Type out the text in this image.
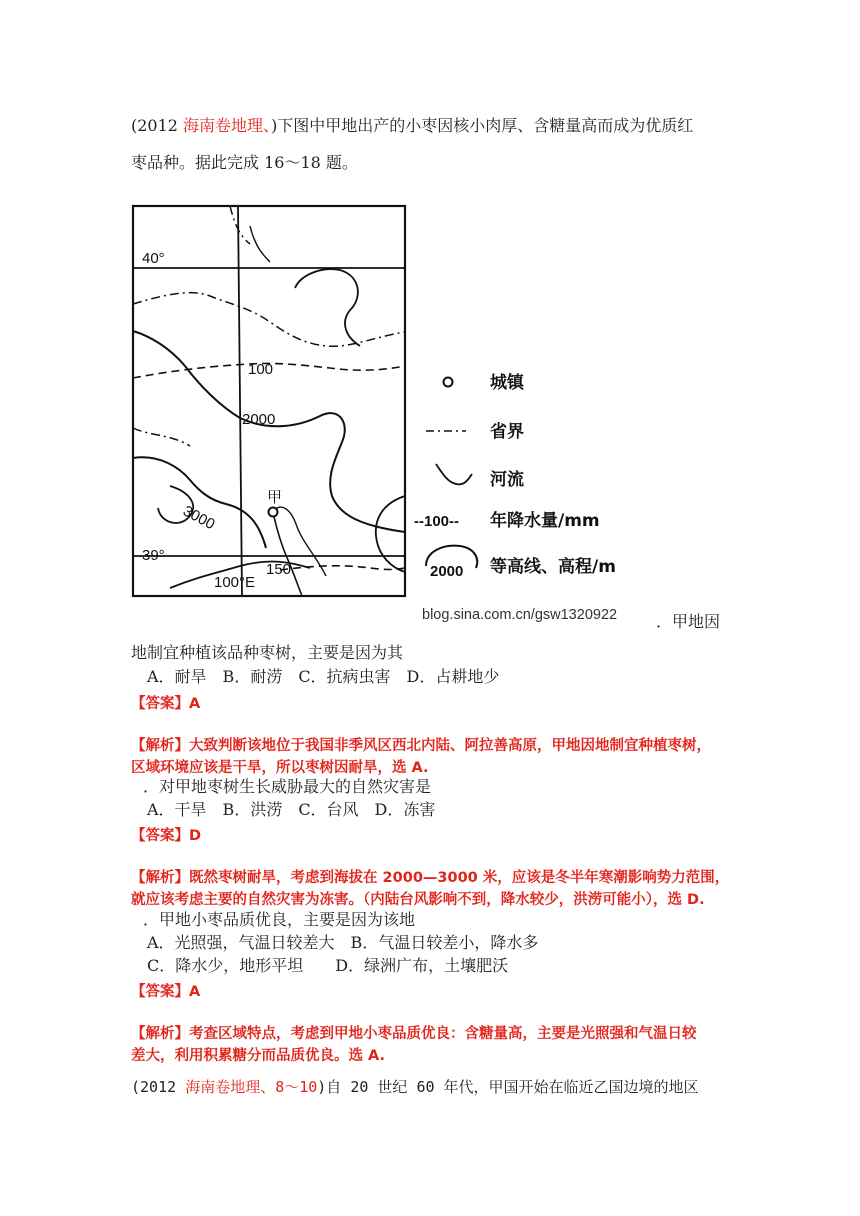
(2012 海南卷地理、)下图中甲地出产的小枣因核小肉厚、含糖量高而成为优质红
枣品种。据此完成 16～18 题。
40°
39°
100°E
100
150
2000
3000
甲
城镇
省界
河流
--100-- 年降水量/mm
2000 等高线、高程/m
blog.sina.com.cn/gsw1320922 ．甲地因
地制宜种植该品种枣树，主要是因为其
A．耐旱　B．耐涝　C．抗病虫害　D．占耕地少
【答案】A
【解析】大致判断该地位于我国非季风区西北内陆、阿拉善高原，甲地因地制宜种植枣树，
区域环境应该是干旱，所以枣树因耐旱，选 A.
．对甲地枣树生长威胁最大的自然灾害是
A．干旱　B．洪涝　C．台风　D．冻害
【答案】D
【解析】既然枣树耐旱，考虑到海拔在 2000—3000 米，应该是冬半年寒潮影响势力范围，
就应该考虑主要的自然灾害为冻害。（内陆台风影响不到，降水较少，洪涝可能小），选 D.
．甲地小枣品质优良，主要是因为该地
A．光照强，气温日较差大　B．气温日较差小，降水多
C．降水少，地形平坦　　D．绿洲广布，土壤肥沃
【答案】A
【解析】考查区域特点，考虑到甲地小枣品质优良：含糖量高，主要是光照强和气温日较
差大，利用积累糖分而品质优良。选 A.
(2012 海南卷地理、8～10)自 20 世纪 60 年代，甲国开始在临近乙国边境的地区
